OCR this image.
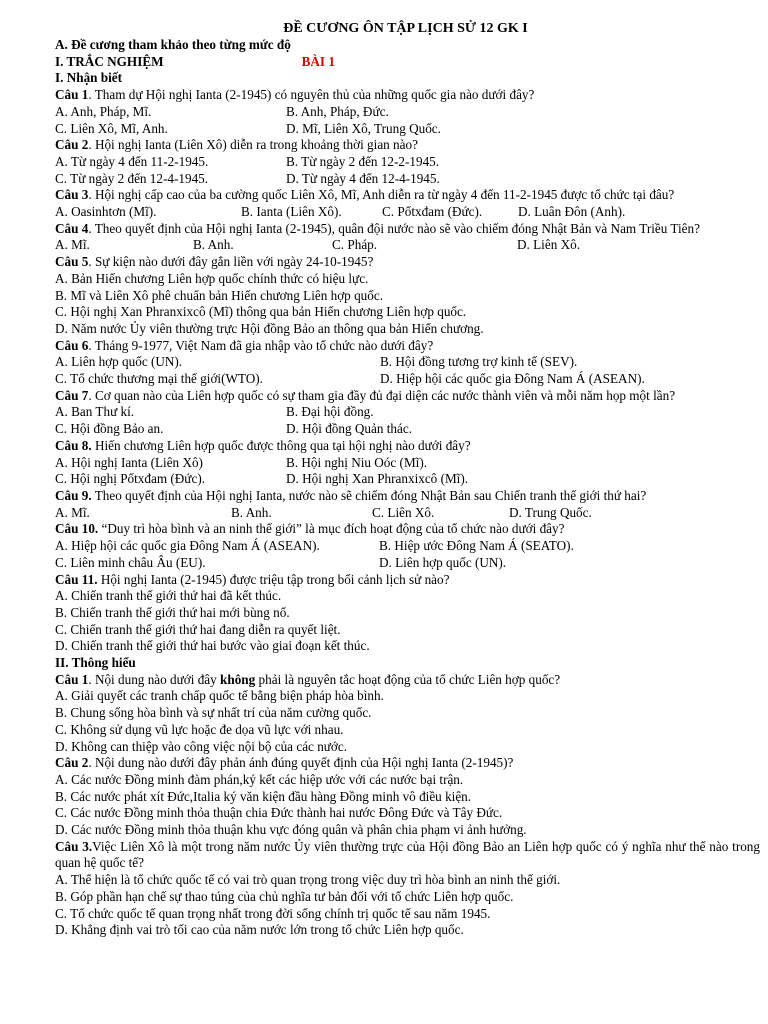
ĐỀ CƯƠNG ÔN TẬP LỊCH SỬ 12 GK I
A. Đề cương tham khảo theo từng mức độ
I. TRẮC NGHIỆM	BÀI 1
I. Nhận biết
Câu 1. Tham dự Hội nghị Ianta (2-1945) có nguyên thủ của những quốc gia nào dưới đây?
A. Anh, Pháp, Mĩ.	B. Anh, Pháp, Đức.
C. Liên Xô, Mĩ, Anh.	D. Mĩ, Liên Xô, Trung Quốc.
Câu 2. Hội nghị Ianta (Liên Xô) diễn ra trong khoảng thời gian nào?
A. Từ ngày 4 đến 11-2-1945.	B. Từ ngày 2 đến 12-2-1945.
C. Từ ngày 2 đến 12-4-1945.	D. Từ ngày 4 đến 12-4-1945.
Câu 3. Hội nghị cấp cao của ba cường quốc Liên Xô, Mĩ, Anh diễn ra từ ngày 4 đến 11-2-1945 được tổ chức tại đâu?
A. Oasinhtơn (Mĩ).	B. Ianta (Liên Xô).	C. Pốtxđam (Đức).	D. Luân Đôn (Anh).
Câu 4. Theo quyết định của Hội nghị Ianta (2-1945), quân đội nước nào sẽ vào chiếm đóng Nhật Bản và Nam Triều Tiên?
A. Mĩ.	B. Anh.	C. Pháp.	D. Liên Xô.
Câu 5. Sự kiện nào dưới đây gắn liền với ngày 24-10-1945?
A. Bản Hiến chương Liên hợp quốc chính thức có hiệu lực.
B. Mĩ và Liên Xô phê chuẩn bản Hiến chương Liên hợp quốc.
C. Hội nghị Xan Phranxixcô (Mĩ) thông qua bản Hiến chương Liên hợp quốc.
D. Năm nước Ủy viên thường trực Hội đồng Bảo an thông qua bản Hiến chương.
Câu 6. Tháng 9-1977, Việt Nam đã gia nhập vào tổ chức nào dưới đây?
A. Liên hợp quốc (UN).	B. Hội đồng tương trợ kinh tế (SEV).
C. Tổ chức thương mại thế giới(WTO).	D. Hiệp hội các quốc gia Đông Nam Á (ASEAN).
Câu 7. Cơ quan nào của Liên hợp quốc có sự tham gia đầy đủ đại diện các nước thành viên và mỗi năm họp một lần?
A. Ban Thư kí.	B. Đại hội đồng.
C. Hội đồng Bảo an.	D. Hội đồng Quản thác.
Câu 8. Hiến chương Liên hợp quốc được thông qua tại hội nghị nào dưới đây?
A. Hội nghị Ianta (Liên Xô)	B. Hội nghị Niu Oóc (Mĩ).
C. Hội nghị Pốtxđam (Đức).	D. Hội nghị Xan Phranxixcô (Mĩ).
Câu 9. Theo quyết định của Hội nghị Ianta, nước nào sẽ chiếm đóng Nhật Bản sau Chiến tranh thế giới thứ hai?
A. Mĩ.	B. Anh.	C. Liên Xô.	D. Trung Quốc.
Câu 10. “Duy trì hòa bình và an ninh thế giới” là mục đích hoạt động của tổ chức nào dưới đây?
A. Hiệp hội các quốc gia Đông Nam Á (ASEAN).	B. Hiệp ước Đông Nam Á (SEATO).
C. Liên minh châu Âu (EU).	D. Liên hợp quốc (UN).
Câu 11. Hội nghị Ianta (2-1945) được triệu tập trong bối cảnh lịch sử nào?
A. Chiến tranh thế giới thứ hai đã kết thúc.
B. Chiến tranh thế giới thứ hai mới bùng nổ.
C. Chiến tranh thế giới thứ hai đang diễn ra quyết liệt.
D. Chiến tranh thế giới thứ hai bước vào giai đoạn kết thúc.
II. Thông hiểu
Câu 1. Nội dung nào dưới đây không phải là nguyên tắc hoạt động của tổ chức Liên hợp quốc?
A. Giải quyết các tranh chấp quốc tế bằng biện pháp hòa bình.
B. Chung sống hòa bình và sự nhất trí của năm cường quốc.
C. Không sử dụng vũ lực hoặc đe dọa vũ lực với nhau.
D. Không can thiệp vào công việc nội bộ của các nước.
Câu 2. Nội dung nào dưới đây phản ánh đúng quyết định của Hội nghị Ianta (2-1945)?
A. Các nước Đồng minh đàm phán,ký kết các hiệp ước với các nước bại trận.
B. Các nước phát xít Đức,Italia ký văn kiện đầu hàng Đồng minh vô điều kiện.
C. Các nước Đồng minh thỏa thuận chia Đức thành hai nước Đông Đức và Tây Đức.
D. Các nước Đồng minh thỏa thuận khu vực đóng quân và phân chia phạm vi ảnh hưởng.
Câu 3.Việc Liên Xô là một trong năm nước Ủy viên thường trực của Hội đồng Bảo an Liên hợp quốc có ý nghĩa như thế nào trong quan hệ quốc tế?
A. Thể hiện là tổ chức quốc tế có vai trò quan trọng trong việc duy trì hòa bình an ninh thế giới.
B. Góp phần hạn chế sự thao túng của chủ nghĩa tư bản đối với tổ chức Liên hợp quốc.
C. Tổ chức quốc tế quan trọng nhất trong đời sống chính trị quốc tế sau năm 1945.
D. Khẳng định vai trò tối cao của năm nước lớn trong tổ chức Liên hợp quốc.
